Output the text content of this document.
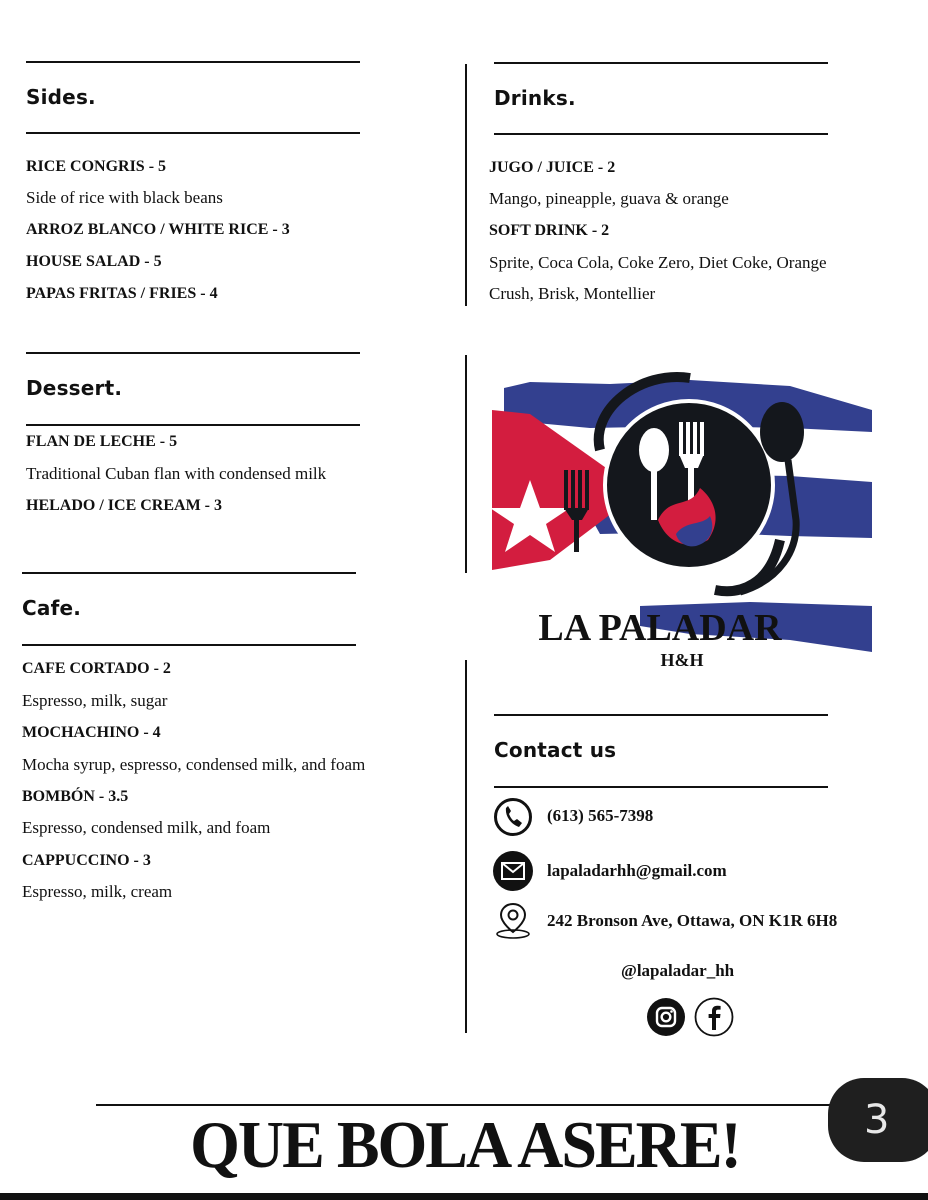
Sides.
RICE CONGRIS - 5
Side of rice with black beans
ARROZ BLANCO / WHITE RICE - 3
HOUSE SALAD - 5
PAPAS FRITAS / FRIES - 4
Dessert.
FLAN DE LECHE - 5
Traditional Cuban flan with condensed milk
HELADO / ICE CREAM - 3
Cafe.
CAFE CORTADO - 2
Espresso, milk, sugar
MOCHACHINO - 4
Mocha syrup, espresso, condensed milk, and foam
BOMBÓN - 3.5
Espresso, condensed milk, and foam
CAPPUCCINO - 3
Espresso, milk, cream
Drinks.
JUGO / JUICE - 2
Mango, pineapple, guava & orange
SOFT DRINK - 2
Sprite, Coca Cola, Coke Zero, Diet Coke, Orange
Crush, Brisk, Montellier
LA PALADAR
H&H
Contact us
(613) 565-7398
lapaladarhh@gmail.com
242 Bronson Ave, Ottawa, ON K1R 6H8
@lapaladar_hh
QUE BOLA ASERE!	3
